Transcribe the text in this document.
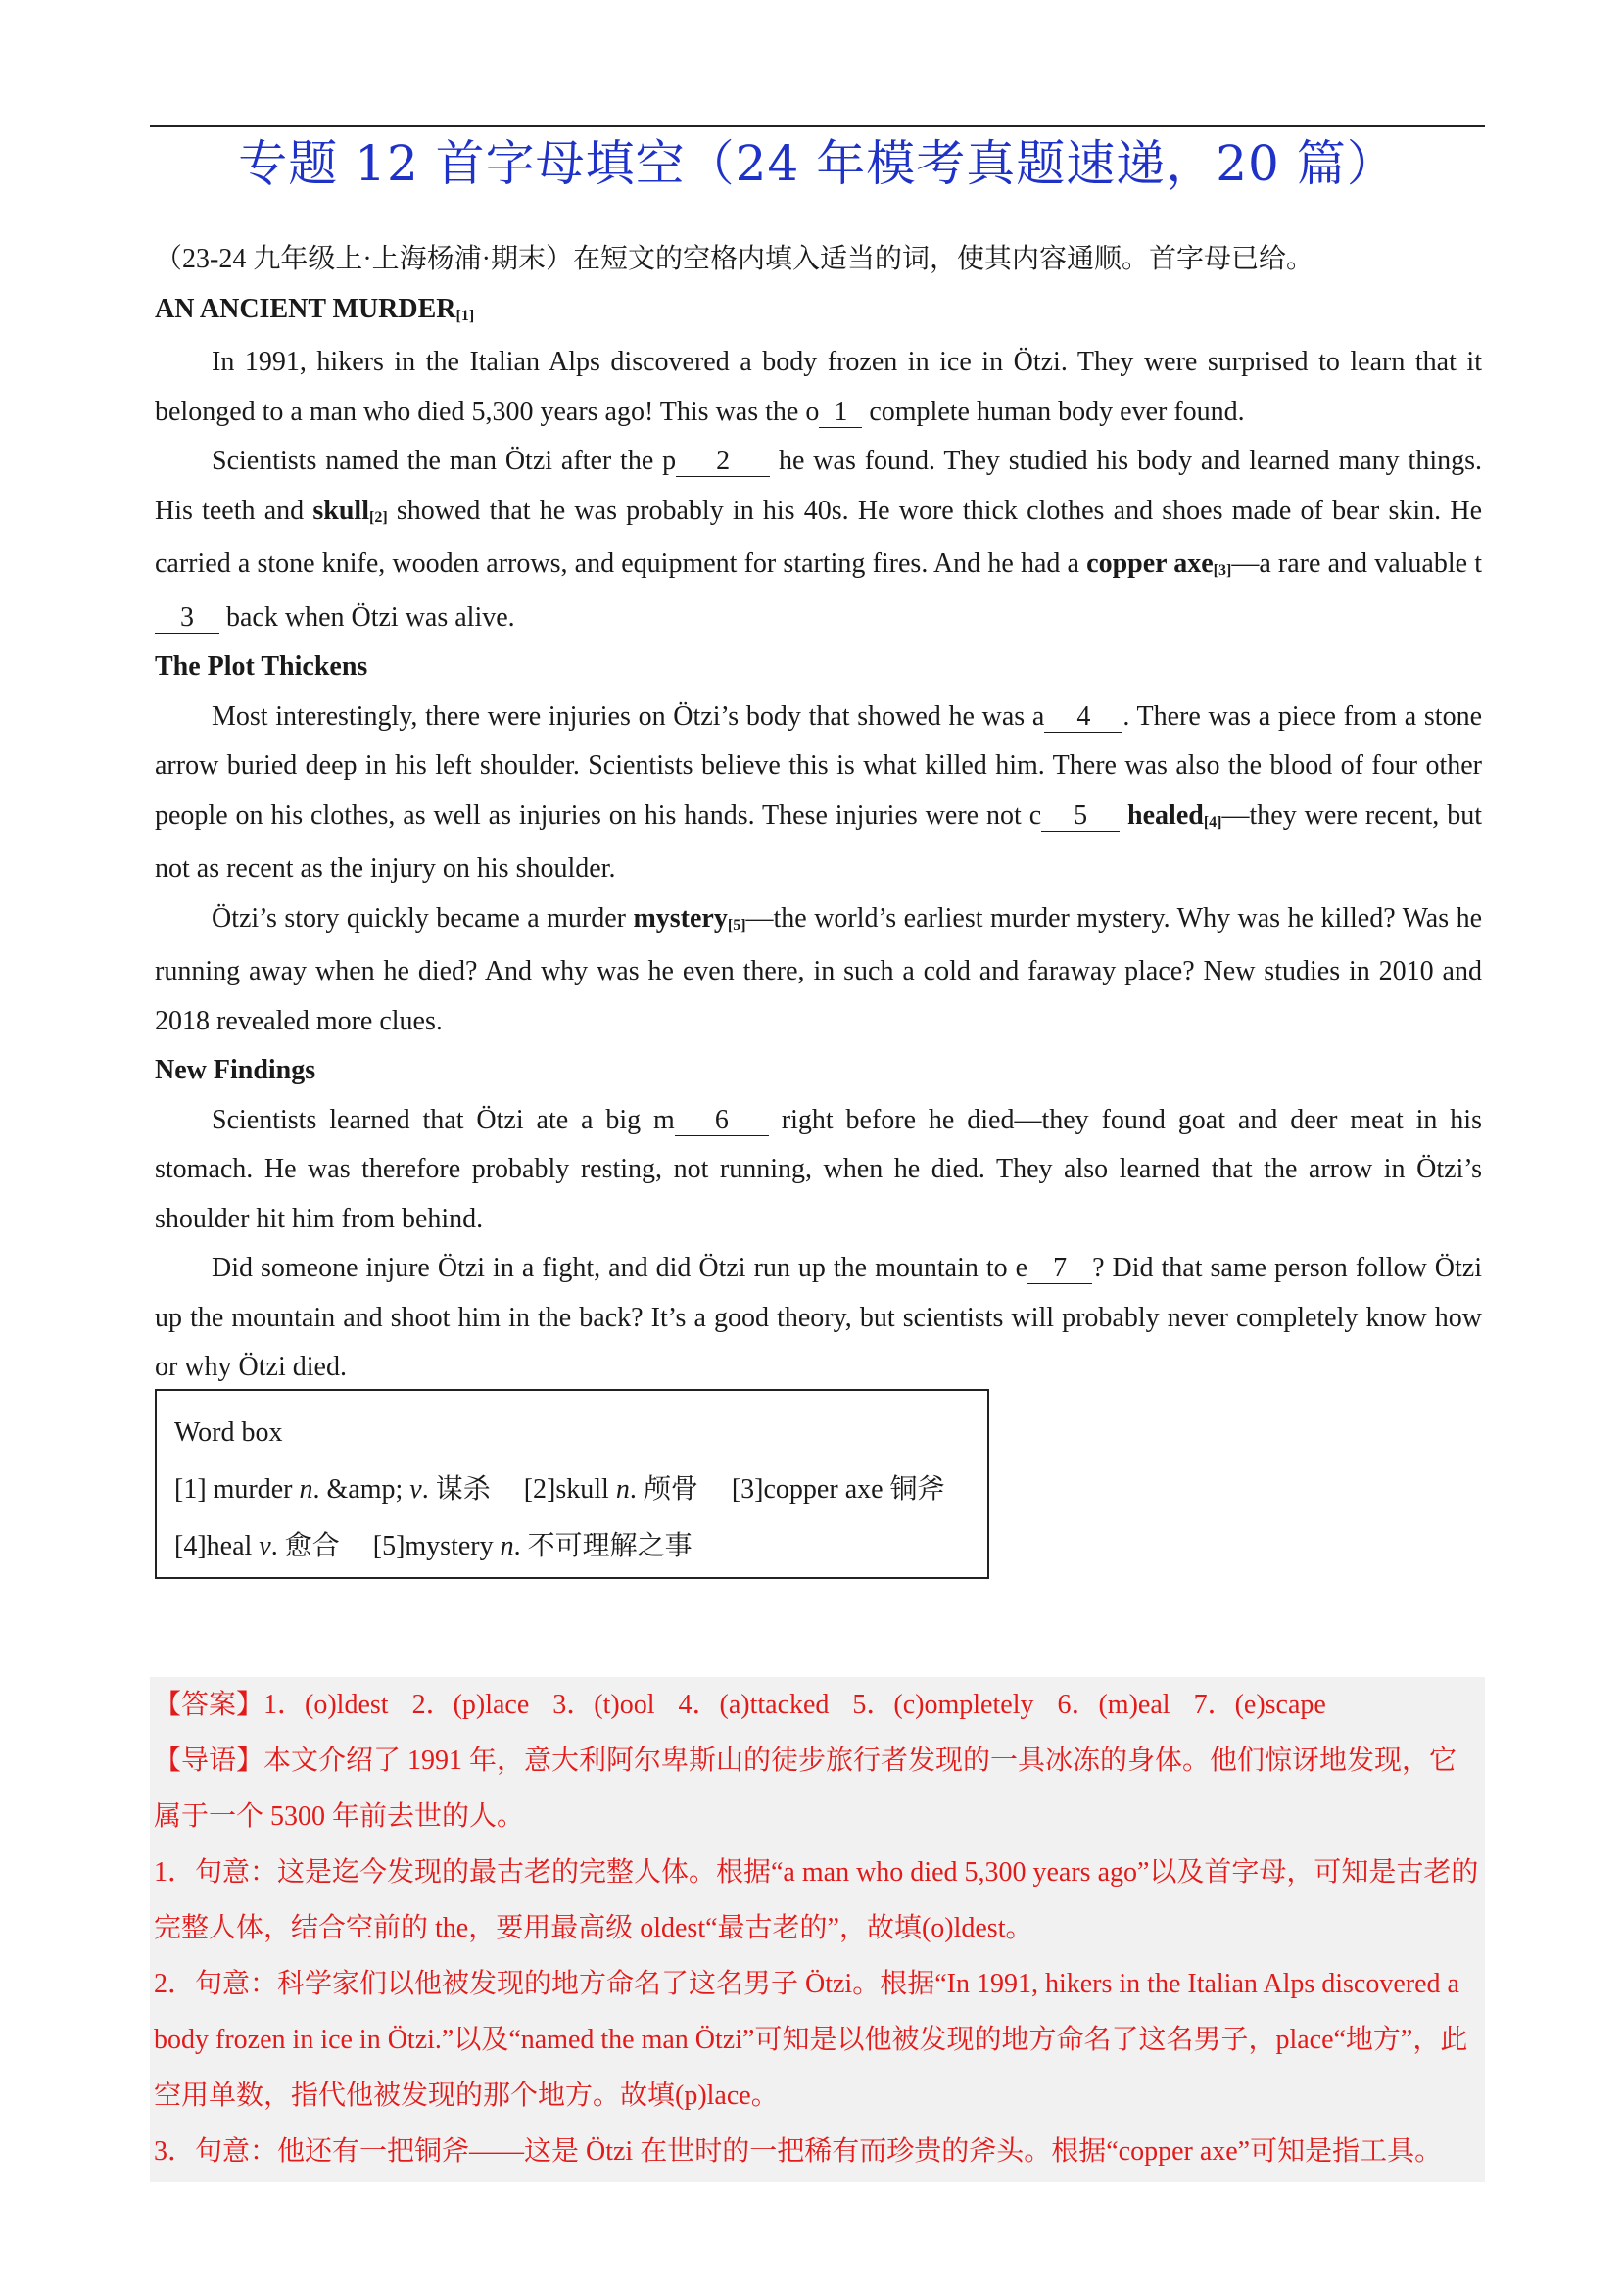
专题 12 首字母填空（24 年模考真题速递，20 篇）

（23-24 九年级上·上海杨浦·期末）在短文的空格内填入适当的词，使其内容通顺。首字母已给。

AN ANCIENT MURDER[1]

In 1991, hikers in the Italian Alps discovered a body frozen in ice in Ötzi. They were surprised to learn that it belonged to a man who died 5,300 years ago! This was the o 1 complete human body ever found.

Scientists named the man Ötzi after the p 2 he was found. They studied his body and learned many things. His teeth and skull[2] showed that he was probably in his 40s. He wore thick clothes and shoes made of bear skin. He carried a stone knife, wooden arrows, and equipment for starting fires. And he had a copper axe[3]—a rare and valuable t3 back when Ötzi was alive.

The Plot Thickens

Most interestingly, there were injuries on Ötzi’s body that showed he was a 4 . There was a piece from a stone arrow buried deep in his left shoulder. Scientists believe this is what killed him. There was also the blood of four other people on his clothes, as well as injuries on his hands. These injuries were not c 5 healed[4]—they were recent, but not as recent as the injury on his shoulder.

Ötzi’s story quickly became a murder mystery[5]—the world’s earliest murder mystery. Why was he killed? Was he running away when he died? And why was he even there, in such a cold and faraway place? New studies in 2010 and 2018 revealed more clues.

New Findings

Scientists learned that Ötzi ate a big m 6 right before he died—they found goat and deer meat in his stomach. He was therefore probably resting, not running, when he died. They also learned that the arrow in Ötzi’s shoulder hit him from behind.

Did someone injure Ötzi in a fight, and did Ötzi run up the mountain to e 7 ? Did that same person follow Ötzi up the mountain and shoot him in the back? It’s a good theory, but scientists will probably never completely know how or why Ötzi died.

Word box
[1] murder n. &amp; v. 谋杀 [2]skull n. 颅骨 [3]copper axe 铜斧
[4]heal v. 愈合 [5]mystery n. 不可理解之事

【答案】1．(o)ldest 2．(p)lace 3．(t)ool 4．(a)ttacked 5．(c)ompletely 6．(m)eal 7．(e)scape

【导语】本文介绍了 1991 年，意大利阿尔卑斯山的徒步旅行者发现的一具冰冻的身体。他们惊讶地发现，它属于一个 5300 年前去世的人。

1．句意：这是迄今发现的最古老的完整人体。根据“a man who died 5,300 years ago”以及首字母，可知是古老的完整人体，结合空前的 the，要用最高级 oldest“最古老的”，故填(o)ldest。

2．句意：科学家们以他被发现的地方命名了这名男子 Ötzi。根据“In 1991, hikers in the Italian Alps discovered a body frozen in ice in Ötzi.”以及“named the man Ötzi”可知是以他被发现的地方命名了这名男子，place“地方”，此空用单数，指代他被发现的那个地方。故填(p)lace。

3．句意：他还有一把铜斧——这是 Ötzi 在世时的一把稀有而珍贵的斧头。根据“copper axe”可知是指工具。
